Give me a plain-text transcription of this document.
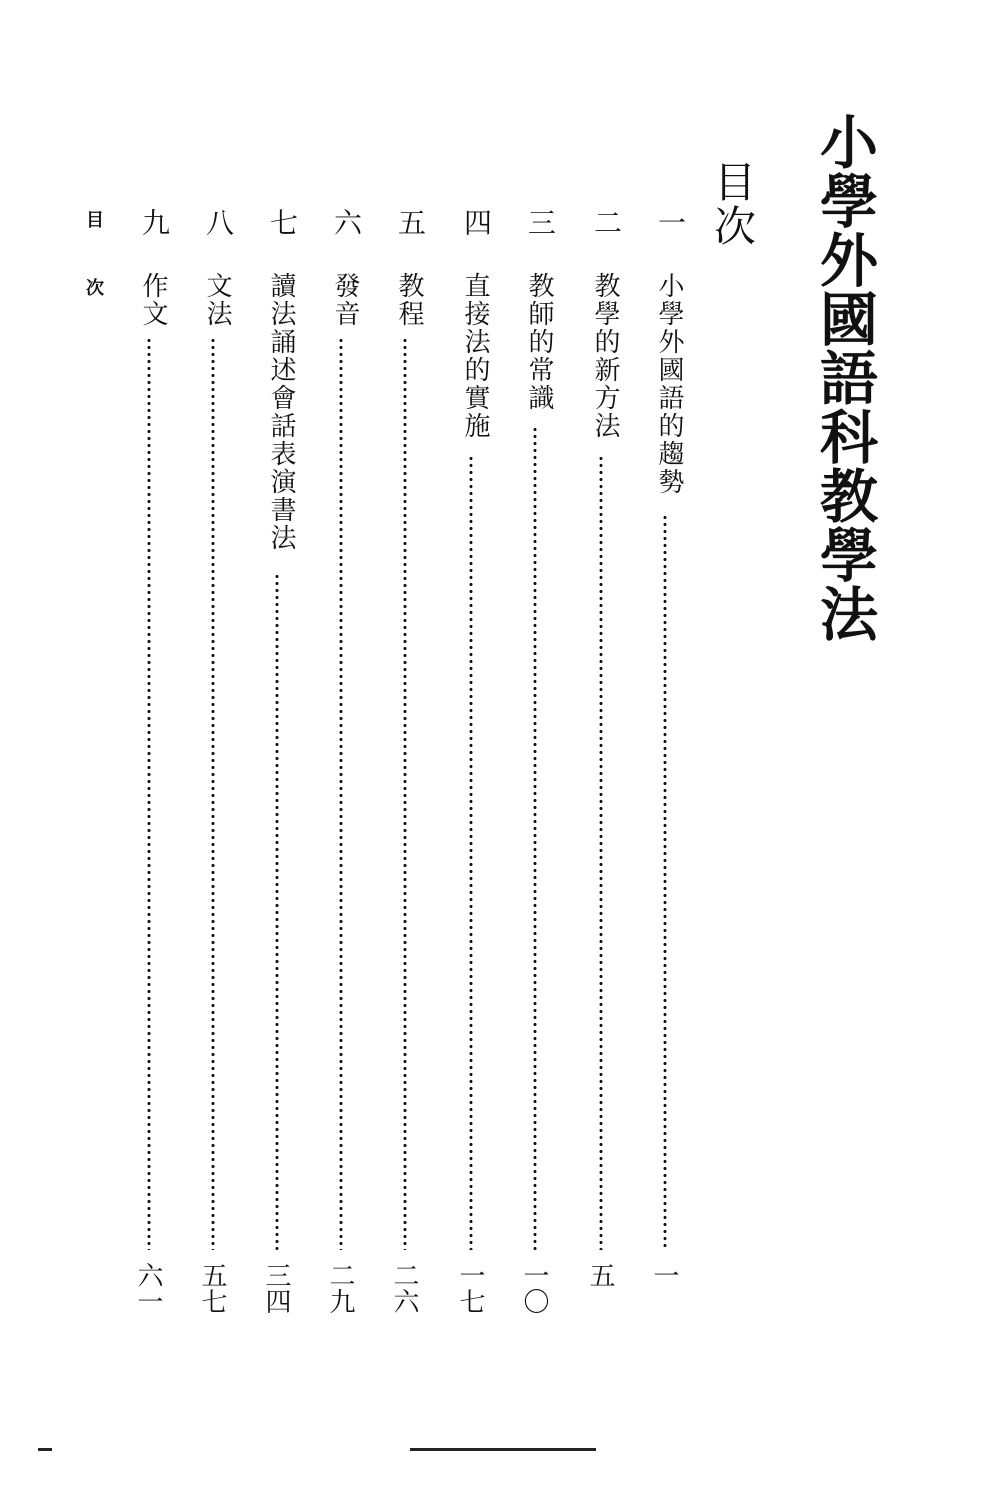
小學外國語科教學法
目次
一
小學外國語的趨勢
一
二
教學的新方法
五
三
教師的常識
一〇
四
直接法的實施
一七
五
教程
二六
六
發音
二九
七
讀法誦述會話表演書法
三四
八
文法
五七
九
作文
六一
目次
